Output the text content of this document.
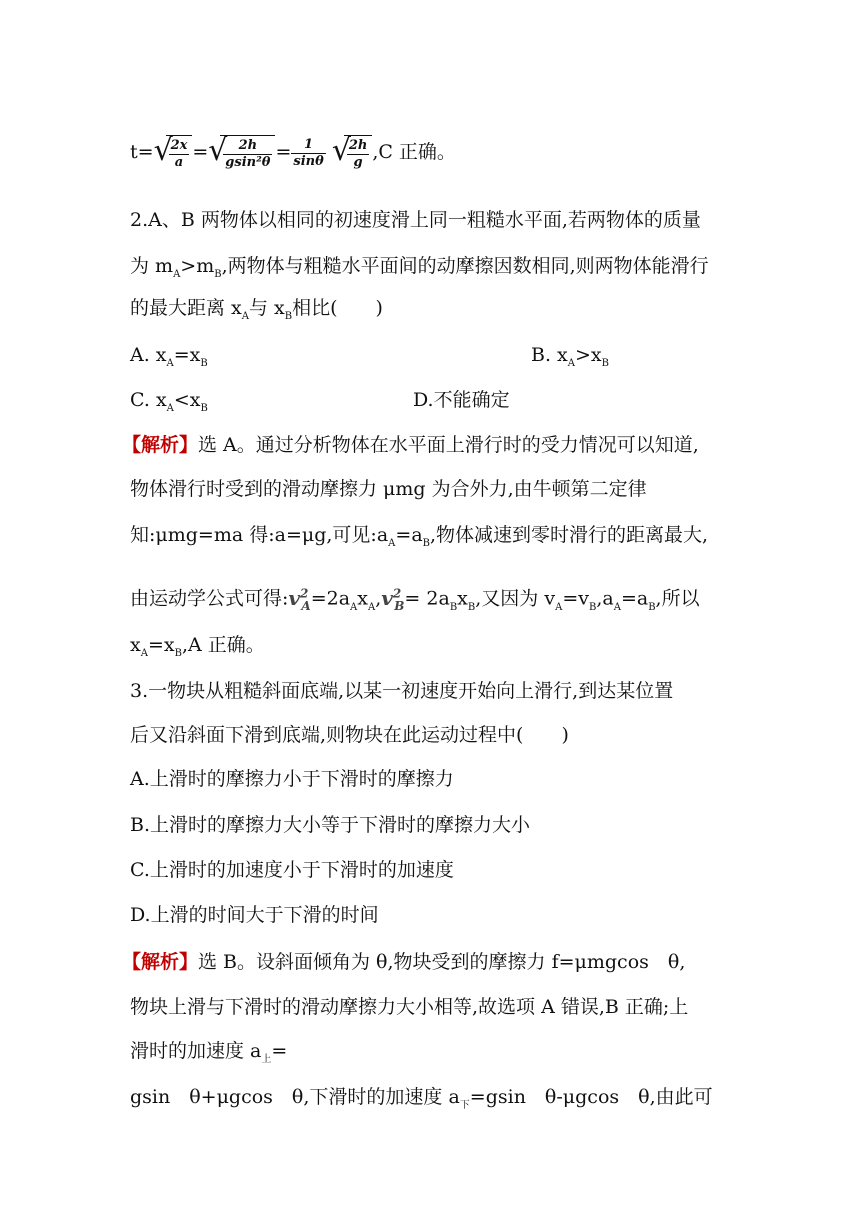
t= √
$\frac{2x}{a}$ = √
$\frac{2h}{\text{gsin²θ}} = \frac{1}{\sin\theta}$
√
$\frac{2h}{g} ,C$ 正确。
2.A、B 两物体以相同的初速度滑上同一粗糙水平面,若两物体的质量
为 $m_A>m_B$,两物体与粗糙水平面间的动摩擦因数相同,则两物体能滑行
的最大距离 $x_A$与 $x_B$相比(　　)
A. $x_A=x_B$	B. $x_A>x_B$
C. $x_A<x_B$	D.不能确定
【解析】选 A。通过分析物体在水平面上滑行时的受力情况可以知道,
物体滑行时受到的滑动摩擦力 μmg 为合外力,由牛顿第二定律
知:μmg=ma 得:a=μg,可见$:a_A=a_B$,物体减速到零时滑行的距离最大,
由运动学公式可得$:v^2_A=2a_Ax_A,v^2_B= 2a_Bx_B$,又因为 $v_A=v_B,a_A=a_B$,所以
$x_A=x_B,A$ 正确。
3.一物块从粗糙斜面底端,以某一初速度开始向上滑行,到达某位置
后又沿斜面下滑到底端,则物块在此运动过程中(　　)
A.上滑时的摩擦力小于下滑时的摩擦力
B.上滑时的摩擦力大小等于下滑时的摩擦力大小
C.上滑时的加速度小于下滑时的加速度
D.上滑的时间大于下滑的时间
【解析】选 B。设斜面倾角为 θ,物块受到的摩擦力 f=μmgcos　θ,
物块上滑与下滑时的滑动摩擦力大小相等,故选项 A 错误,B 正确;上
滑时的加速度 $a_上=$
gsin　θ+μgcos　θ,下滑时的加速度 $a_下=gsin$　θ-μgcos　θ,由此可
